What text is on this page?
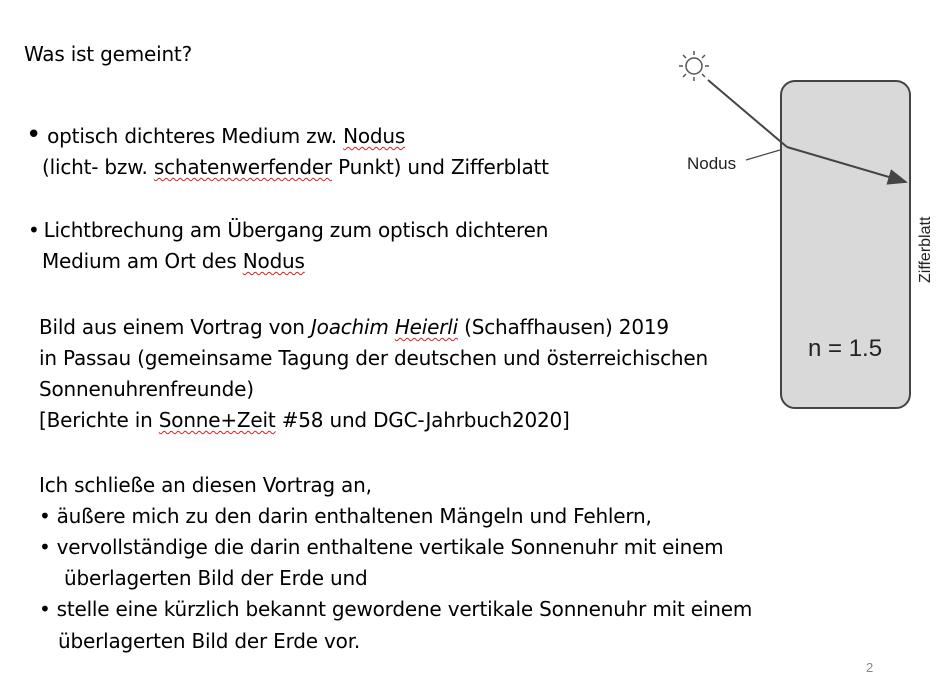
Was ist gemeint?
• optisch dichteres Medium zw. Nodus
(licht- bzw. schatenwerfender Punkt) und Zifferblatt
• Lichtbrechung am Übergang zum optisch dichteren
Medium am Ort des Nodus
Bild aus einem Vortrag von Joachim Heierli (Schaffhausen) 2019
in Passau (gemeinsame Tagung der deutschen und österreichischen
Sonnenuhrenfreunde)
[Berichte in Sonne+Zeit #58 und DGC-Jahrbuch2020]
Ich schließe an diesen Vortrag an,
• äußere mich zu den darin enthaltenen Mängeln und Fehlern,
• vervollständige die darin enthaltene vertikale Sonnenuhr mit einem
überlagerten Bild der Erde und
• stelle eine kürzlich bekannt gewordene vertikale Sonnenuhr mit einem
überlagerten Bild der Erde vor.
Nodus
Zifferblatt
n = 1.5
2
